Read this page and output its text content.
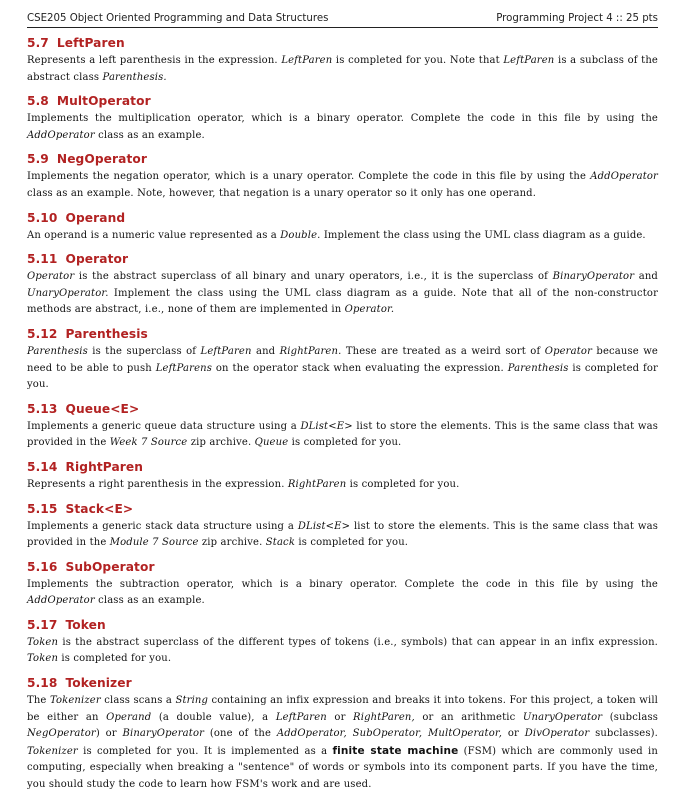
CSE205 Object Oriented Programming and Data Structures	Programming Project 4 :: 25 pts
5.7 LeftParen

Represents a left parenthesis in the expression. LeftParen is completed for you. Note that LeftParen is a subclass of the abstract class Parenthesis.

5.8 MultOperator

Implements the multiplication operator, which is a binary operator. Complete the code in this file by using the AddOperator class as an example.

5.9 NegOperator

Implements the negation operator, which is a unary operator. Complete the code in this file by using the AddOperator class as an example. Note, however, that negation is a unary operator so it only has one operand.

5.10 Operand

An operand is a numeric value represented as a Double. Implement the class using the UML class diagram as a guide.

5.11 Operator

Operator is the abstract superclass of all binary and unary operators, i.e., it is the superclass of BinaryOperator and UnaryOperator. Implement the class using the UML class diagram as a guide. Note that all of the non-constructor methods are abstract, i.e., none of them are implemented in Operator.

5.12 Parenthesis

Parenthesis is the superclass of LeftParen and RightParen. These are treated as a weird sort of Operator because we need to be able to push LeftParens on the operator stack when evaluating the expression. Parenthesis is completed for you.

5.13 Queue<E>

Implements a generic queue data structure using a DList<E> list to store the elements. This is the same class that was provided in the Week 7 Source zip archive. Queue is completed for you.

5.14 RightParen

Represents a right parenthesis in the expression. RightParen is completed for you.

5.15 Stack<E>

Implements a generic stack data structure using a DList<E> list to store the elements. This is the same class that was provided in the Module 7 Source zip archive. Stack is completed for you.

5.16 SubOperator

Implements the subtraction operator, which is a binary operator. Complete the code in this file by using the AddOperator class as an example.

5.17 Token

Token is the abstract superclass of the different types of tokens (i.e., symbols) that can appear in an infix expression. Token is completed for you.

5.18 Tokenizer

The Tokenizer class scans a String containing an infix expression and breaks it into tokens. For this project, a token will be either an Operand (a double value), a LeftParen or RightParen, or an arithmetic UnaryOperator (subclass NegOperator) or BinaryOperator (one of the AddOperator, SubOperator, MultOperator, or DivOperator subclasses). Tokenizer is completed for you. It is implemented as a finite state machine (FSM) which are commonly used in computing, especially when breaking a "sentence" of words or symbols into its component parts. If you have the time, you should study the code to learn how FSM's work and are used.
